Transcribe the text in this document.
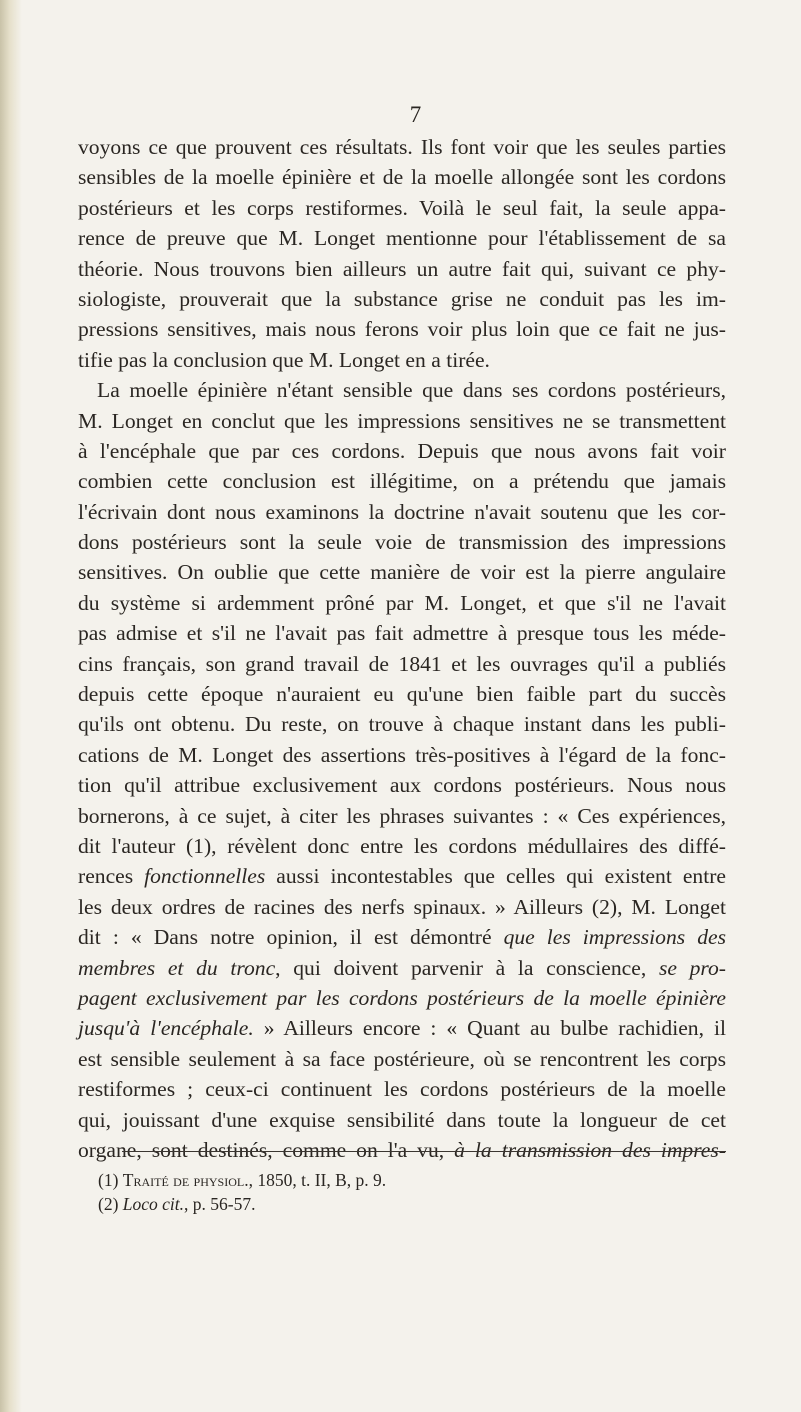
7
voyons ce que prouvent ces résultats. Ils font voir que les seules parties
sensibles de la moelle épinière et de la moelle allongée sont les cordons
postérieurs et les corps restiformes. Voilà le seul fait, la seule appa-
rence de preuve que M. Longet mentionne pour l'établissement de sa
théorie. Nous trouvons bien ailleurs un autre fait qui, suivant ce phy-
siologiste, prouverait que la substance grise ne conduit pas les im-
pressions sensitives, mais nous ferons voir plus loin que ce fait ne jus-
tifie pas la conclusion que M. Longet en a tirée.
La moelle épinière n'étant sensible que dans ses cordons postérieurs,
M. Longet en conclut que les impressions sensitives ne se transmettent
à l'encéphale que par ces cordons. Depuis que nous avons fait voir
combien cette conclusion est illégitime, on a prétendu que jamais
l'écrivain dont nous examinons la doctrine n'avait soutenu que les cor-
dons postérieurs sont la seule voie de transmission des impressions
sensitives. On oublie que cette manière de voir est la pierre angulaire
du système si ardemment prôné par M. Longet, et que s'il ne l'avait
pas admise et s'il ne l'avait pas fait admettre à presque tous les méde-
cins français, son grand travail de 1841 et les ouvrages qu'il a publiés
depuis cette époque n'auraient eu qu'une bien faible part du succès
qu'ils ont obtenu. Du reste, on trouve à chaque instant dans les publi-
cations de M. Longet des assertions très-positives à l'égard de la fonc-
tion qu'il attribue exclusivement aux cordons postérieurs. Nous nous
bornerons, à ce sujet, à citer les phrases suivantes : « Ces expériences,
dit l'auteur (1), révèlent donc entre les cordons médullaires des diffé-
rences fonctionnelles aussi incontestables que celles qui existent entre
les deux ordres de racines des nerfs spinaux. » Ailleurs (2), M. Longet
dit : « Dans notre opinion, il est démontré que les impressions des
membres et du tronc, qui doivent parvenir à la conscience, se pro-
pagent exclusivement par les cordons postérieurs de la moelle épinière
jusqu'à l'encéphale. » Ailleurs encore : « Quant au bulbe rachidien, il
est sensible seulement à sa face postérieure, où se rencontrent les corps
restiformes ; ceux-ci continuent les cordons postérieurs de la moelle
qui, jouissant d'une exquise sensibilité dans toute la longueur de cet
organe, sont destinés, comme on l'a vu, à la transmission des impres-
(1) Traité de physiol., 1850, t. II, B, p. 9.
(2) Loco cit., p. 56-57.
